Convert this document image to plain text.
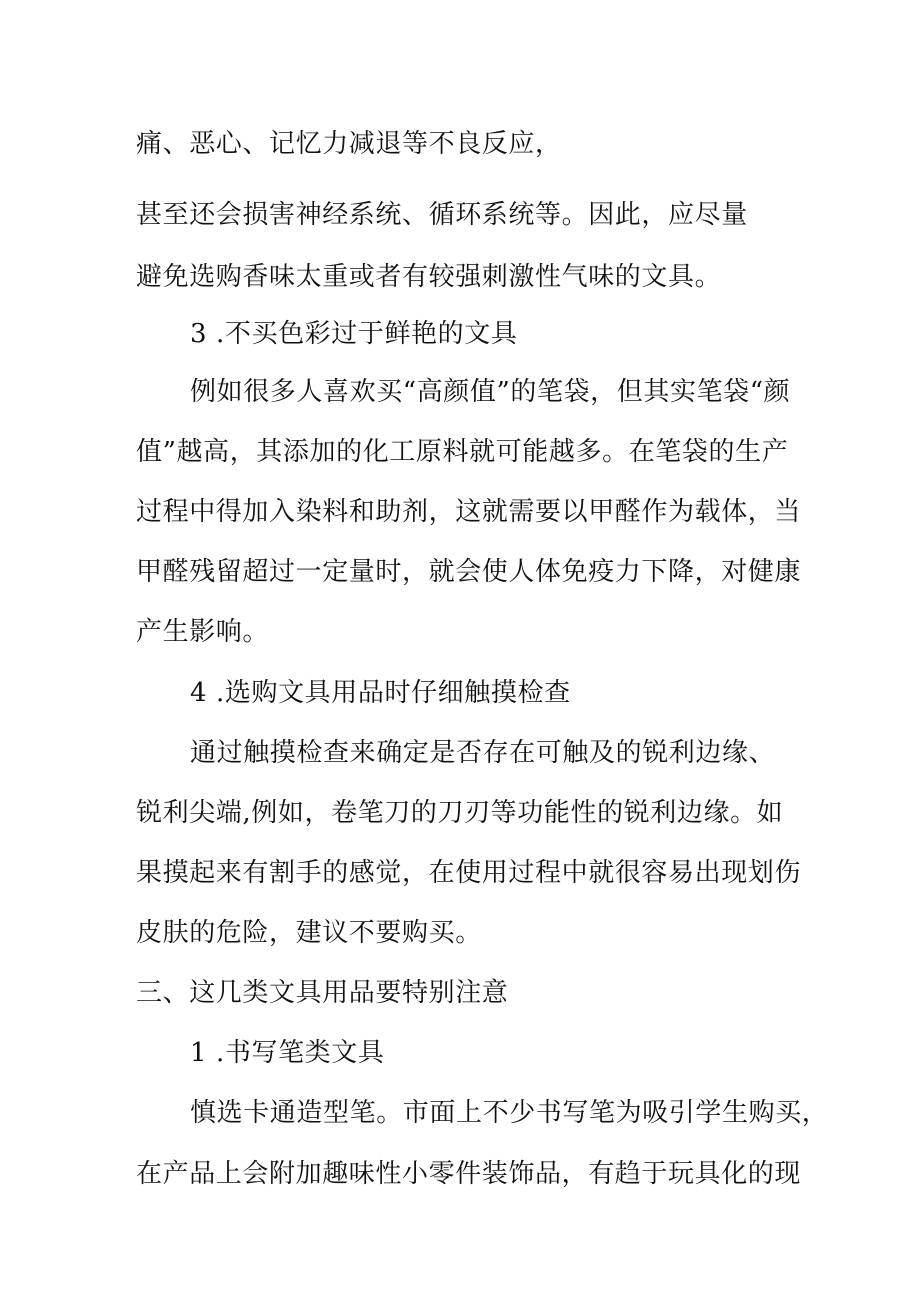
痛、恶心、记忆力减退等不良反应，
甚至还会损害神经系统、循环系统等。因此，应尽量
避免选购香味太重或者有较强刺激性气味的文具。
3 .不买色彩过于鲜艳的文具
例如很多人喜欢买“高颜值”的笔袋，但其实笔袋“颜
值”越高，其添加的化工原料就可能越多。在笔袋的生产
过程中得加入染料和助剂，这就需要以甲醛作为载体，当
甲醛残留超过一定量时，就会使人体免疫力下降，对健康
产生影响。
4 .选购文具用品时仔细触摸检查
通过触摸检查来确定是否存在可触及的锐利边缘、
锐利尖端,例如，卷笔刀的刀刃等功能性的锐利边缘。如
果摸起来有割手的感觉，在使用过程中就很容易出现划伤
皮肤的危险，建议不要购买。
三、这几类文具用品要特别注意
1 .书写笔类文具
慎选卡通造型笔。市面上不少书写笔为吸引学生购买，
在产品上会附加趣味性小零件装饰品，有趋于玩具化的现
